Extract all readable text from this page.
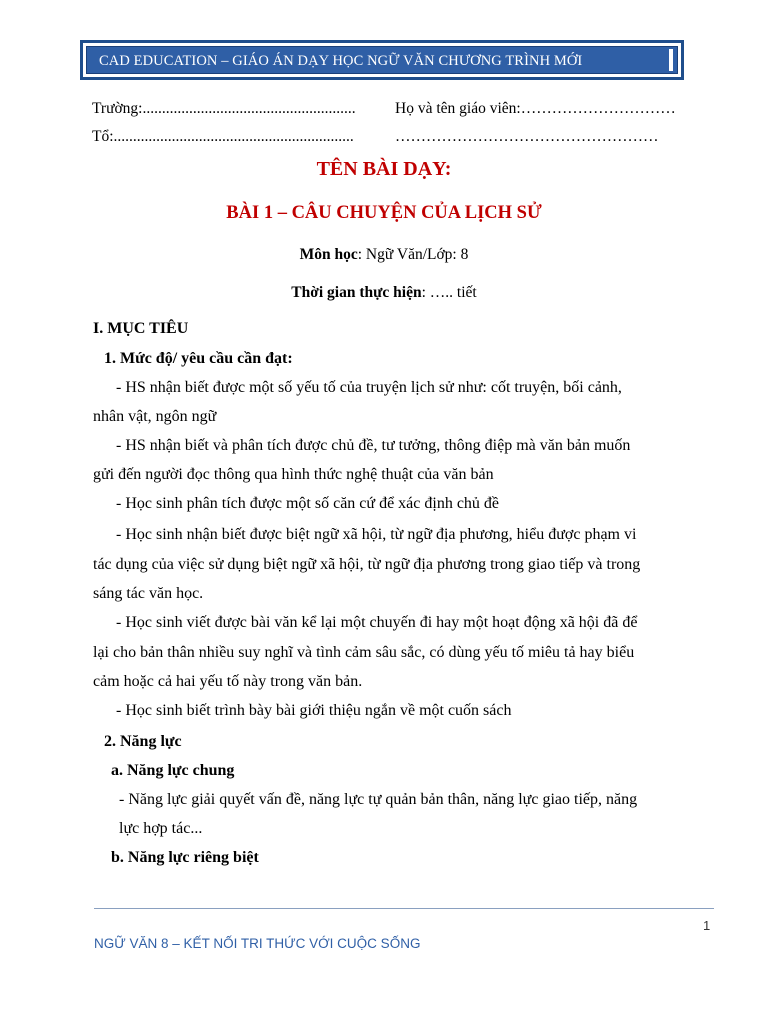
CAD EDUCATION – GIÁO ÁN DẠY HỌC NGỮ VĂN CHƯƠNG TRÌNH MỚI
Trường:.......................................................	Họ và tên giáo viên:…………………………
Tổ:..............................................................	……………………………………………
TÊN BÀI DẠY:
BÀI 1 – CÂU CHUYỆN CỦA LỊCH SỬ
Môn học: Ngữ Văn/Lớp: 8
Thời gian thực hiện: ….. tiết
I. MỤC TIÊU
1. Mức độ/ yêu cầu cần đạt:
- HS nhận biết được một số yếu tố của truyện lịch sử như: cốt truyện, bối cảnh,
nhân vật, ngôn ngữ
- HS nhận biết và phân tích được chủ đề, tư tưởng, thông điệp mà văn bản muốn
gửi đến người đọc thông qua hình thức nghệ thuật của văn bản
- Học sinh phân tích được một số căn cứ để xác định chủ đề
- Học sinh nhận biết được biệt ngữ xã hội, từ ngữ địa phương, hiểu được phạm vi
tác dụng của việc sử dụng biệt ngữ xã hội, từ ngữ địa phương trong giao tiếp và trong
sáng tác văn học.
- Học sinh viết được bài văn kể lại một chuyến đi hay một hoạt động xã hội đã để
lại cho bản thân nhiều suy nghĩ và tình cảm sâu sắc, có dùng yếu tố miêu tả hay biểu
cảm hoặc cả hai yếu tố này trong văn bản.
- Học sinh biết trình bày bài giới thiệu ngắn về một cuốn sách
2. Năng lực
a. Năng lực chung
- Năng lực giải quyết vấn đề, năng lực tự quản bản thân, năng lực giao tiếp, năng
lực hợp tác...
b. Năng lực riêng biệt
1
NGỮ VĂN 8 – KẾT NỐI TRI THỨC VỚI CUỘC SỐNG
